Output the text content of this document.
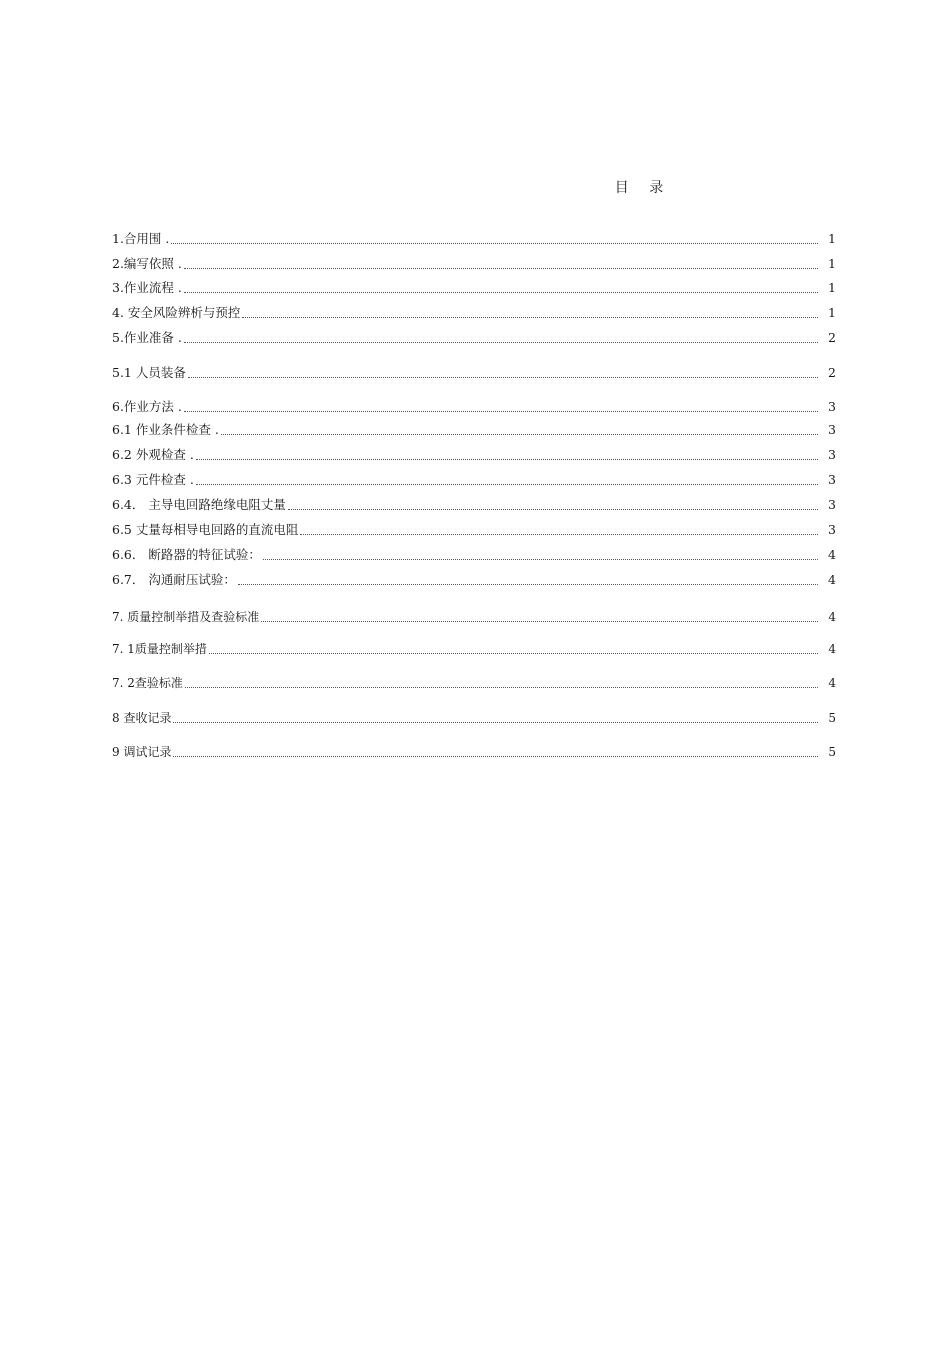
目 录
1.合用围 .	1
2.编写依照 .	1
3.作业流程 .	1
4. 安全风险辨析与预控	1
5.作业准备 .	2
5.1 人员装备	2
6.作业方法 .	3
6.1 作业条件检查 .	3
6.2 外观检查 .	3
6.3 元件检查 .	3
6.4． 主导电回路绝缘电阻丈量	3
6.5 丈量每相导电回路的直流电阻	3
6.6． 断路器的特征试验：	4
6.7． 沟通耐压试验：	4
7. 质量控制举措及查验标准	4
7. 1质量控制举措	4
7. 2查验标准	4
8 查收记录	5
9 调试记录	5
